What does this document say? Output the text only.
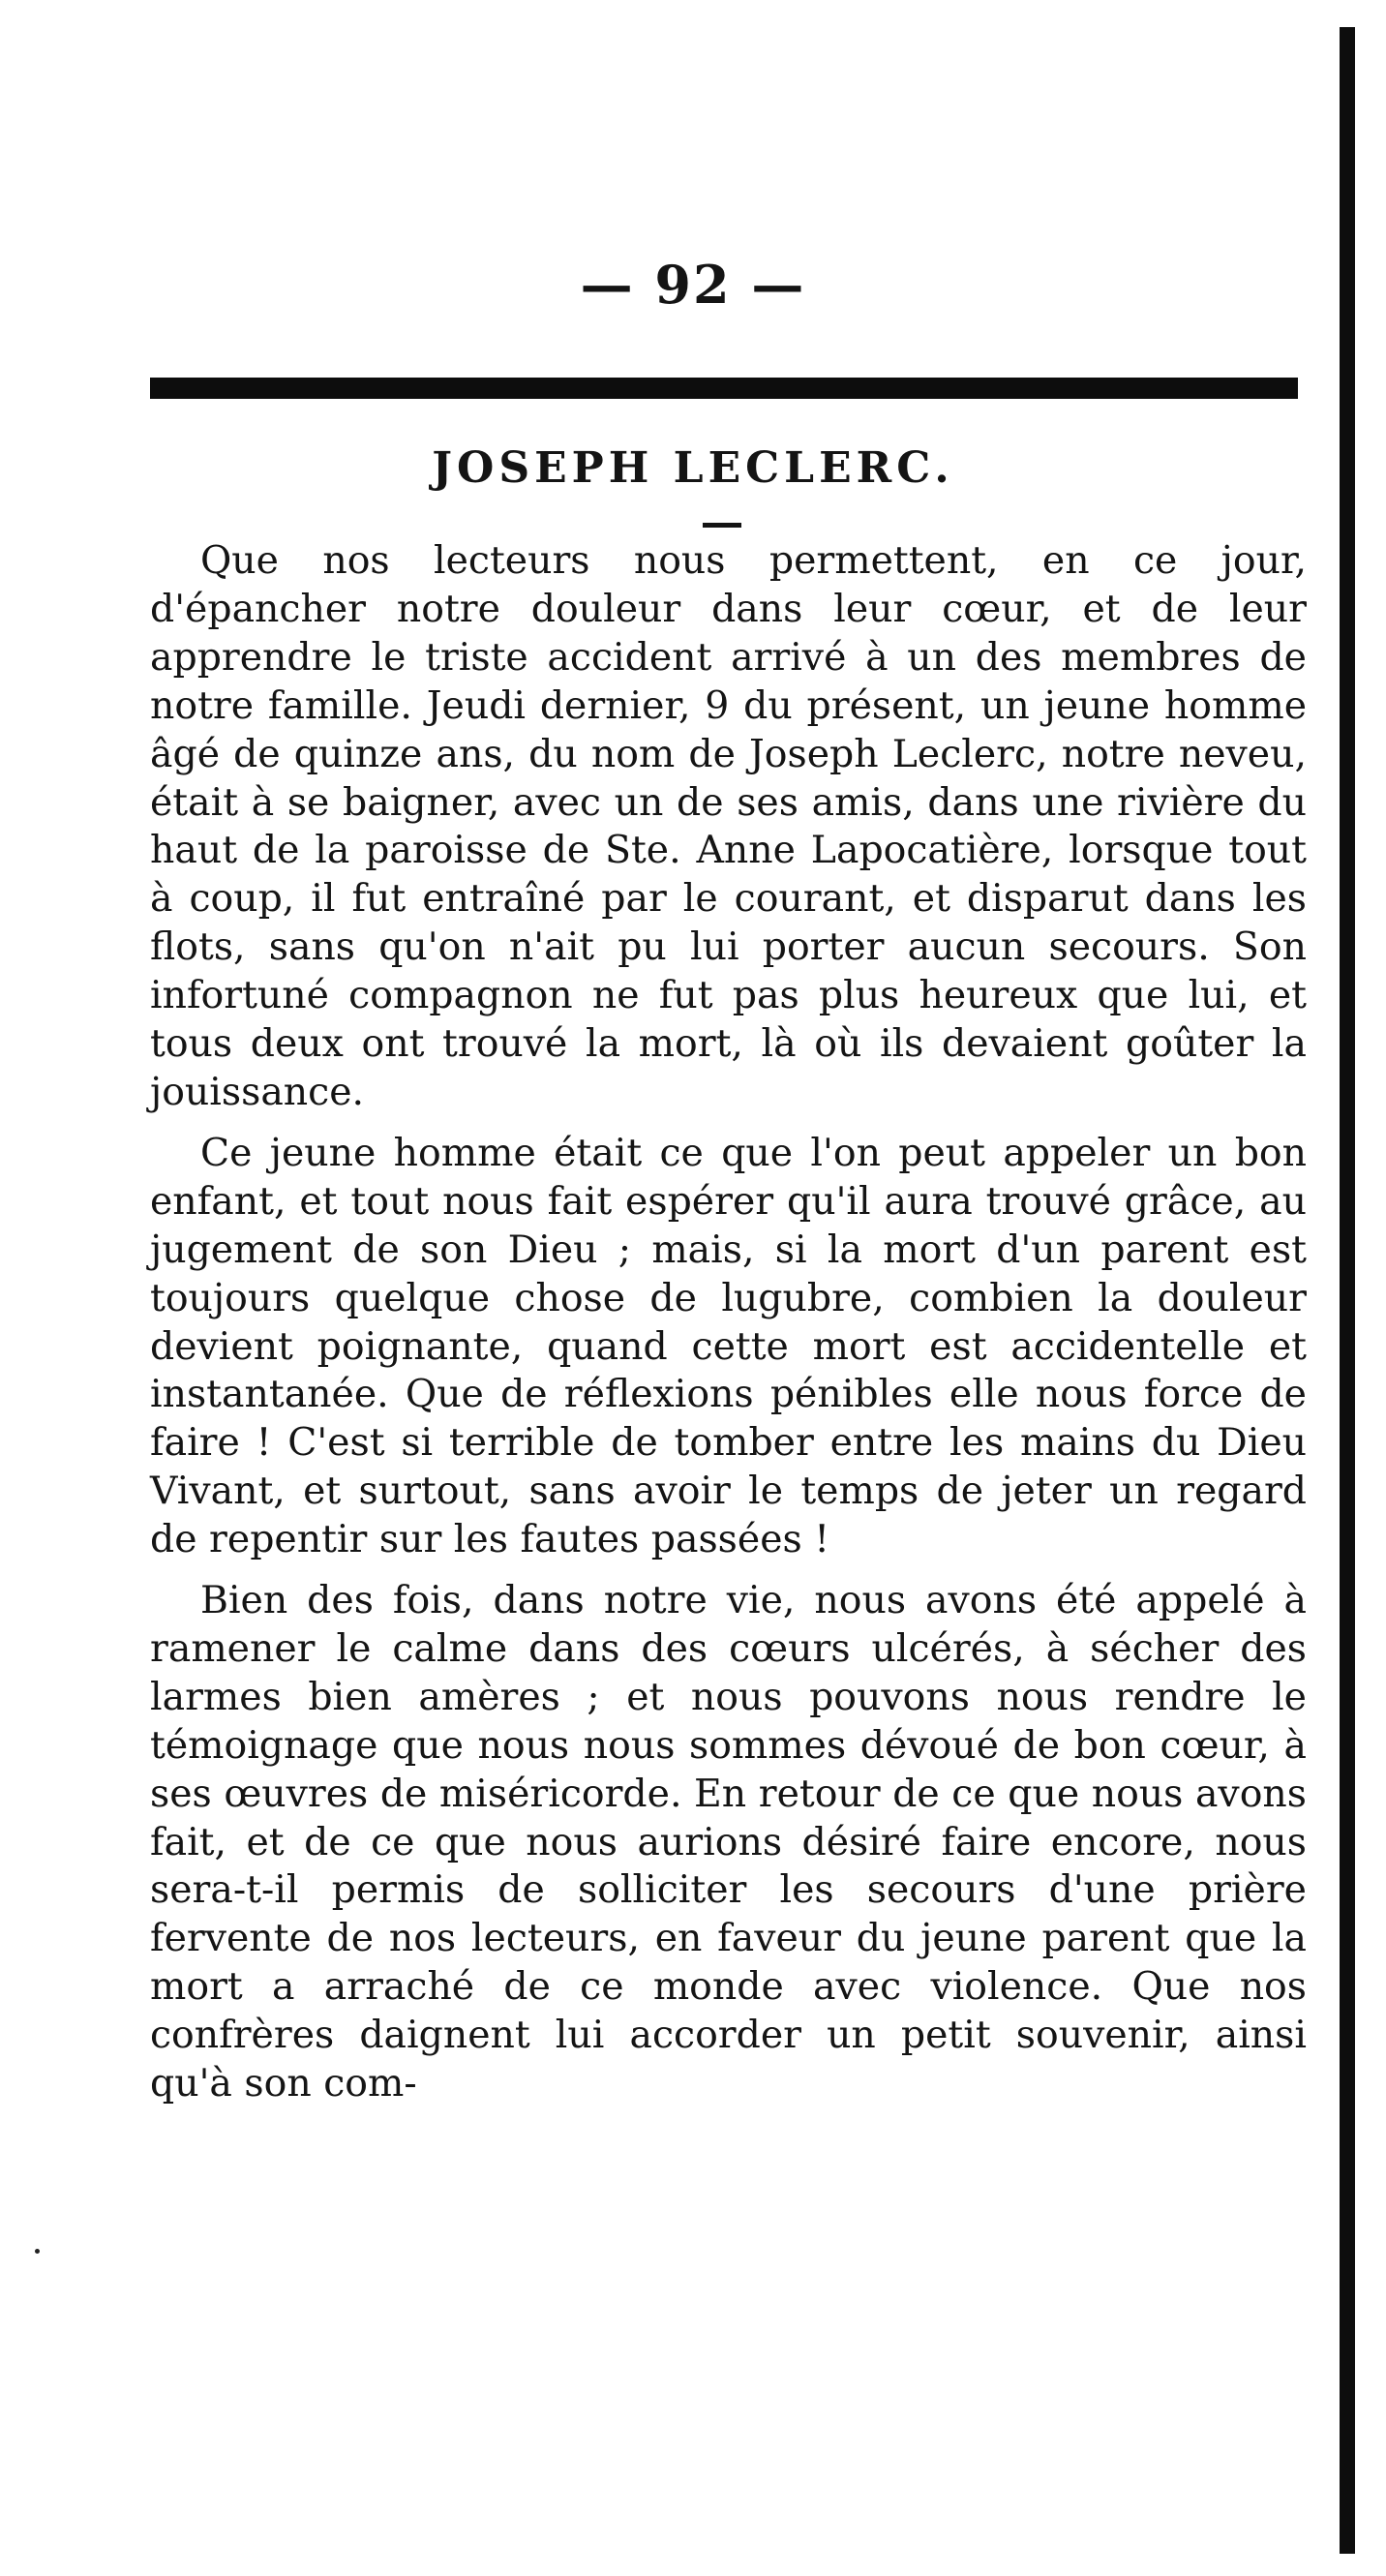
— 92 —
JOSEPH LECLERC.

Que nos lecteurs nous permettent, en ce jour, d'épancher notre douleur dans leur cœur, et de leur apprendre le triste accident arrivé à un des membres de notre famille. Jeudi dernier, 9 du présent, un jeune homme âgé de quinze ans, du nom de Joseph Leclerc, notre neveu, était à se baigner, avec un de ses amis, dans une rivière du haut de la paroisse de Ste. Anne Lapocatière, lorsque tout à coup, il fut entraîné par le courant, et disparut dans les flots, sans qu'on n'ait pu lui porter aucun secours. Son infortuné compagnon ne fut pas plus heureux que lui, et tous deux ont trouvé la mort, là où ils devaient goûter la jouissance.

Ce jeune homme était ce que l'on peut appeler un bon enfant, et tout nous fait espérer qu'il aura trouvé grâce, au jugement de son Dieu ; mais, si la mort d'un parent est toujours quelque chose de lugubre, combien la douleur devient poignante, quand cette mort est accidentelle et instantanée. Que de réflexions pénibles elle nous force de faire ! C'est si terrible de tomber entre les mains du Dieu Vivant, et surtout, sans avoir le temps de jeter un regard de repentir sur les fautes passées !

Bien des fois, dans notre vie, nous avons été appelé à ramener le calme dans des cœurs ulcérés, à sécher des larmes bien amères ; et nous pouvons nous rendre le témoignage que nous nous sommes dévoué de bon cœur, à ses œuvres de miséricorde. En retour de ce que nous avons fait, et de ce que nous aurions désiré faire encore, nous sera-t-il permis de solliciter les secours d'une prière fervente de nos lecteurs, en faveur du jeune parent que la mort a arraché de ce monde avec violence. Que nos confrères daignent lui accorder un petit souvenir, ainsi qu'à son com-
